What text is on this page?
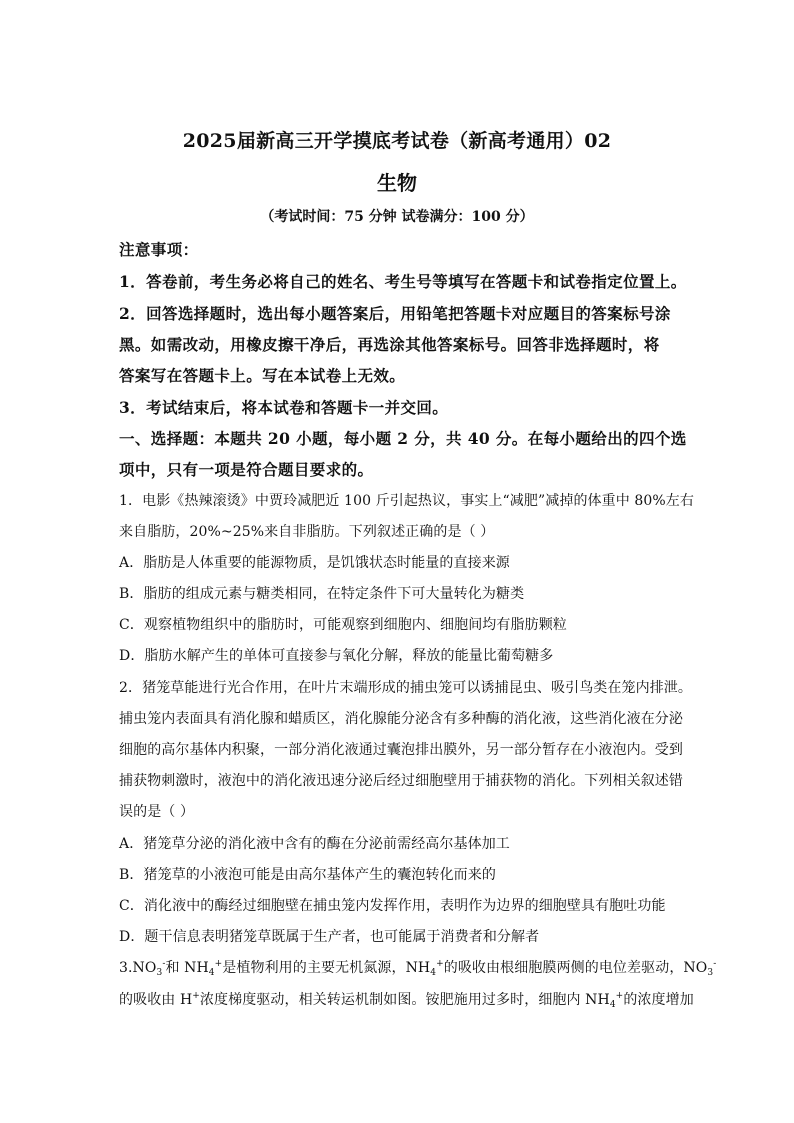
2025届新高三开学摸底考试卷（新高考通用）02
生物
（考试时间：75 分钟 试卷满分：100 分）
注意事项：
1．答卷前，考生务必将自己的姓名、考生号等填写在答题卡和试卷指定位置上。
2．回答选择题时，选出每小题答案后，用铅笔把答题卡对应题目的答案标号涂
黑。如需改动，用橡皮擦干净后，再选涂其他答案标号。回答非选择题时，将
答案写在答题卡上。写在本试卷上无效。
3．考试结束后，将本试卷和答题卡一并交回。
一、选择题：本题共 20 小题，每小题 2 分，共 40 分。在每小题给出的四个选
项中，只有一项是符合题目要求的。
1．电影《热辣滚烫》中贾玲减肥近 100 斤引起热议，事实上“减肥”减掉的体重中 80%左右
来自脂肪，20%~25%来自非脂肪。下列叙述正确的是（ ）
A．脂肪是人体重要的能源物质，是饥饿状态时能量的直接来源
B．脂肪的组成元素与糖类相同，在特定条件下可大量转化为糖类
C．观察植物组织中的脂肪时，可能观察到细胞内、细胞间均有脂肪颗粒
D．脂肪水解产生的单体可直接参与氧化分解，释放的能量比葡萄糖多
2．猪笼草能进行光合作用，在叶片末端形成的捕虫笼可以诱捕昆虫、吸引鸟类在笼内排泄。
捕虫笼内表面具有消化腺和蜡质区，消化腺能分泌含有多种酶的消化液，这些消化液在分泌
细胞的高尔基体内积聚，一部分消化液通过囊泡排出膜外，另一部分暂存在小液泡内。受到
捕获物刺激时，液泡中的消化液迅速分泌后经过细胞壁用于捕获物的消化。下列相关叙述错
误的是（ ）
A．猪笼草分泌的消化液中含有的酶在分泌前需经高尔基体加工
B．猪笼草的小液泡可能是由高尔基体产生的囊泡转化而来的
C．消化液中的酶经过细胞壁在捕虫笼内发挥作用，表明作为边界的细胞壁具有胞吐功能
D．题干信息表明猪笼草既属于生产者，也可能属于消费者和分解者
$3.NO_3^-$和 $NH_4^+$是植物利用的主要无机氮源，$NH_4^+$的吸收由根细胞膜两侧的电位差驱动，$NO_3^-$
的吸收由 H+浓度梯度驱动，相关转运机制如图。铵肥施用过多时，细胞内 $NH_4^+$的浓度增加
